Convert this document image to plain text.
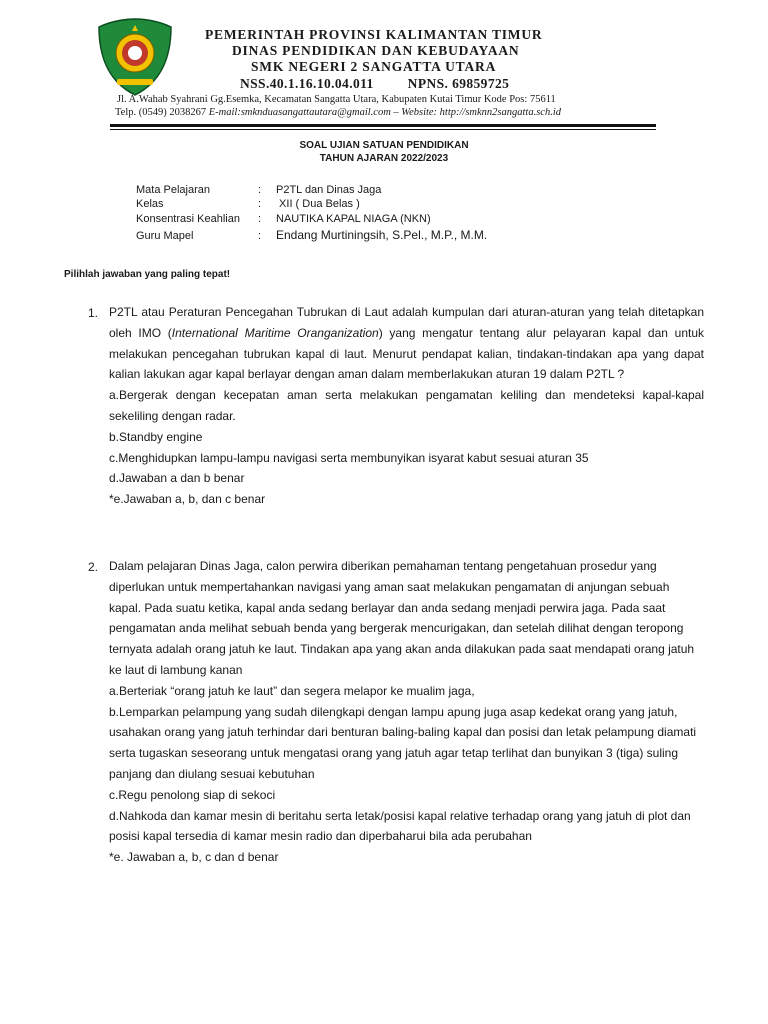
PEMERINTAH PROVINSI KALIMANTAN TIMUR
DINAS PENDIDIKAN DAN KEBUDAYAAN
SMK NEGERI 2 SANGATTA UTARA
NSS.40.1.16.10.04.011	NPNS. 69859725
Jl. A.Wahab Syahrani Gg.Esemka, Kecamatan Sangatta Utara, Kabupaten Kutai Timur Kode Pos: 75611
Telp. (0549) 2038267 E-mail:smknduasangattautara@gmail.com – Website: http://smknn2sangatta.sch.id
SOAL UJIAN SATUAN PENDIDIKAN
TAHUN AJARAN 2022/2023
Mata Pelajaran	: P2TL dan Dinas Jaga
Kelas	: XII ( Dua Belas )
Konsentrasi Keahlian : NAUTIKA KAPAL NIAGA (NKN)
Guru Mapel	: Endang Murtiningsih, S.Pel., M.P., M.M.
Pilihlah jawaban yang paling tepat!
1. P2TL atau Peraturan Pencegahan Tubrukan di Laut adalah kumpulan dari aturan-aturan yang telah ditetapkan oleh IMO (International Maritime Oranganization) yang mengatur tentang alur pelayaran kapal dan untuk melakukan pencegahan tubrukan kapal di laut. Menurut pendapat kalian, tindakan-tindakan apa yang dapat kalian lakukan agar kapal berlayar dengan aman dalam memberlakukan aturan 19 dalam P2TL ?

a.Bergerak dengan kecepatan aman serta melakukan pengamatan keliling dan mendeteksi kapal-kapal sekeliling dengan radar.

b.Standby engine

c.Menghidupkan lampu-lampu navigasi serta membunyikan isyarat kabut sesuai aturan 35

d.Jawaban a dan b benar

*e.Jawaban a, b, dan c benar

2. Dalam pelajaran Dinas Jaga, calon perwira diberikan pemahaman tentang pengetahuan prosedur yang diperlukan untuk mempertahankan navigasi yang aman saat melakukan pengamatan di anjungan sebuah kapal. Pada suatu ketika, kapal anda sedang berlayar dan anda sedang menjadi perwira jaga. Pada saat pengamatan anda melihat sebuah benda yang bergerak mencurigakan, dan setelah dilihat dengan teropong ternyata adalah orang jatuh ke laut. Tindakan apa yang akan anda dilakukan pada saat mendapati orang jatuh ke laut di lambung kanan

a.Berteriak “orang jatuh ke laut” dan segera melapor ke mualim jaga,

b.Lemparkan pelampung yang sudah dilengkapi dengan lampu apung juga asap kedekat orang yang jatuh, usahakan orang yang jatuh terhindar dari benturan baling-baling kapal dan posisi dan letak pelampung diamati serta tugaskan seseorang untuk mengatasi orang yang jatuh agar tetap terlihat dan bunyikan 3 (tiga) suling panjang dan diulang sesuai kebutuhan

c.Regu penolong siap di sekoci

d.Nahkoda dan kamar mesin di beritahu serta letak/posisi kapal relative terhadap orang yang jatuh di plot dan posisi kapal tersedia di kamar mesin radio dan diperbaharui bila ada perubahan

*e. Jawaban a, b, c dan d benar
